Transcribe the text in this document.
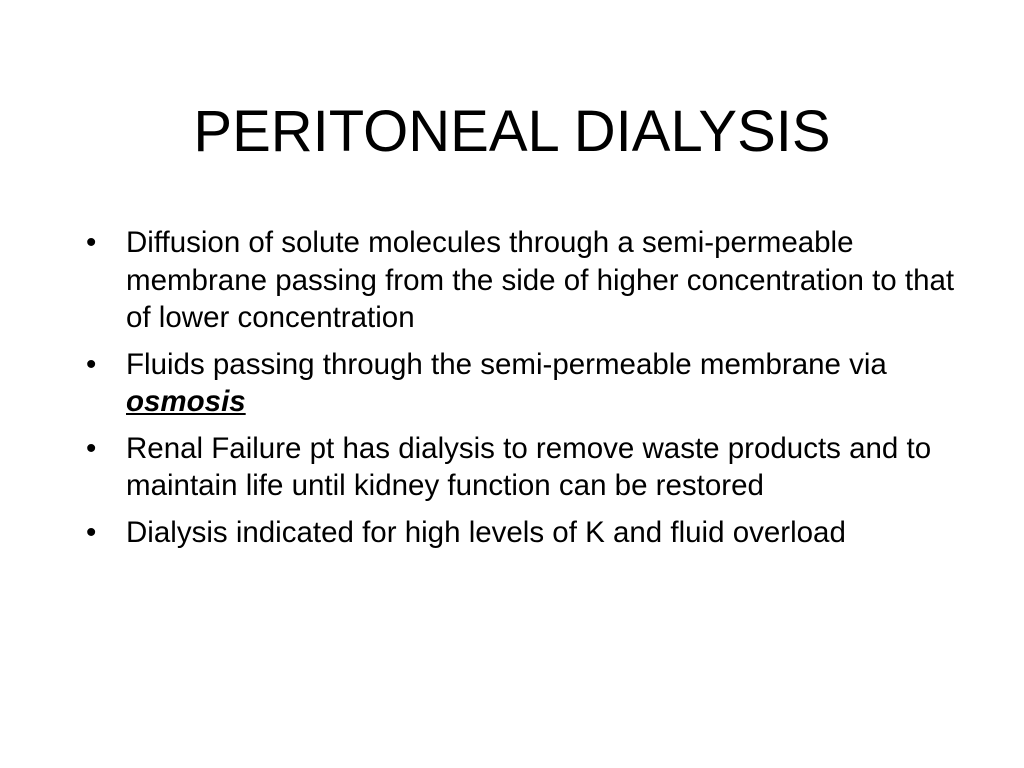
PERITONEAL DIALYSIS
•	Diffusion of solute molecules through a semi-permeable membrane passing from the side of higher concentration to that of lower concentration
•	Fluids passing through the semi-permeable membrane via osmosis
•	Renal Failure pt has dialysis to remove waste products and to maintain life until kidney function can be restored
•	Dialysis indicated for high levels of K and fluid overload
